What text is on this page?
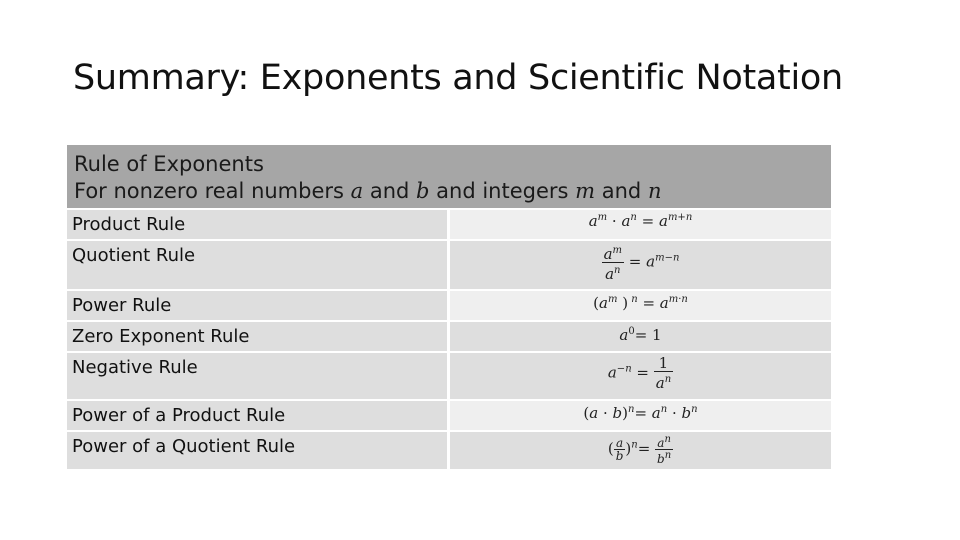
Summary: Exponents and Scientific Notation
Rule of Exponents
For nonzero real numbers a and b and integers m and n
Product Rule	$a^m \cdot a^n = a^{m+n}$
Quotient Rule	$\frac{a^m}{a^n} = a^{m-n}$
Power Rule	($a^m$ ) $^n = a^{m\cdot n}$
Zero Exponent Rule	$a^0= 1$
Negative Rule	$a^{-n} = \frac{1}{a^n}$
Power of a Product Rule	$(a \cdot b)^n= a^n \cdot b^n$
Power of a Quotient Rule	( $\frac{a}{b} )^n= \frac{a^n}{b^n}$
